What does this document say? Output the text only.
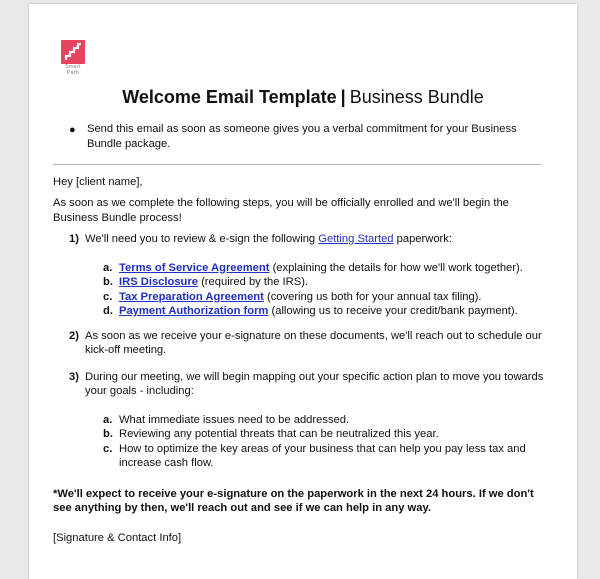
Smart Path
Welcome Email Template | Business Bundle
● Send this email as soon as someone gives you a verbal commitment for your Business Bundle package.
Hey [client name],
As soon as we complete the following steps, you will be officially enrolled and we'll begin the Business Bundle process!
1) We'll need you to review & e-sign the following Getting Started paperwork:
a. Terms of Service Agreement (explaining the details for how we'll work together).
b. IRS Disclosure (required by the IRS).
c. Tax Preparation Agreement (covering us both for your annual tax filing).
d. Payment Authorization form (allowing us to receive your credit/bank payment).
2) As soon as we receive your e-signature on these documents, we'll reach out to schedule our kick-off meeting.
3) During our meeting, we will begin mapping out your specific action plan to move you towards your goals - including:
a. What immediate issues need to be addressed.
b. Reviewing any potential threats that can be neutralized this year.
c. How to optimize the key areas of your business that can help you pay less tax and increase cash flow.
*We'll expect to receive your e-signature on the paperwork in the next 24 hours. If we don't see anything by then, we'll reach out and see if we can help in any way.
[Signature & Contact Info]
